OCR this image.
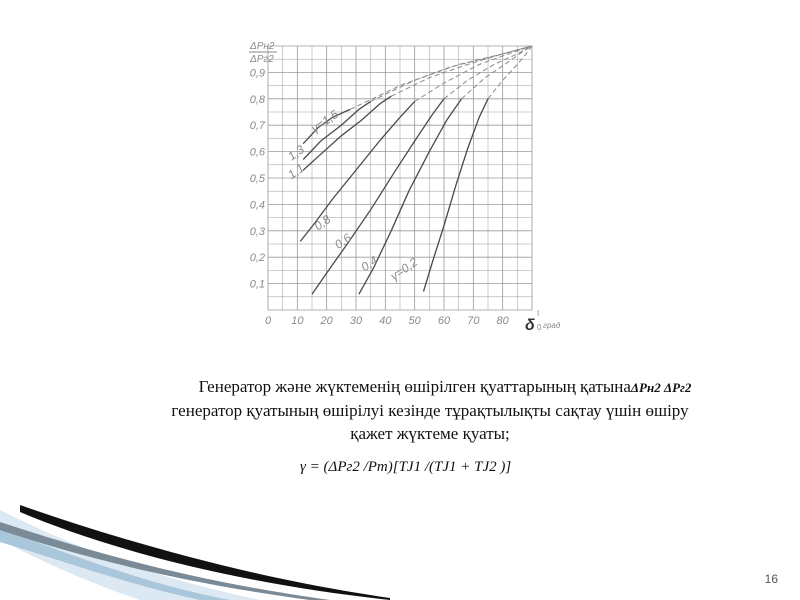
γ=1,5
1,3
1,1
0,8
0,6
0,4 γ=0,2
0 10 20 30 40 50 60 70 80
0,1
0,2
0,3
0,4
0,5
0,6
0,7
0,8
0,9
ΔPн2
ΔPг2
δ
I
0 град
Генератор және жүктеменің өшірілген қуаттарының қатынаΔPн2 ΔPг2
генератор қуатының өшірілуі кезінде тұрақтылықты сақтау үшін өшіру
қажет жүктеме қуаты;
γ = (ΔPг2 /Pm)[TJ1 /(TJ1 + TJ2 )]
16
